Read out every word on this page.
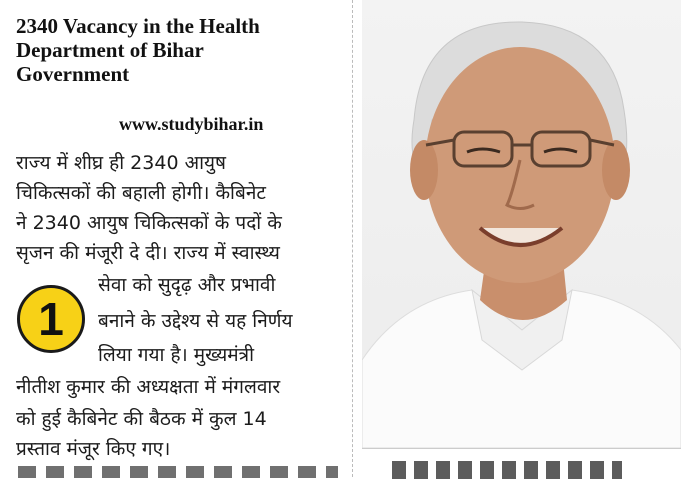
2340 Vacancy in the Health
Department of Bihar
Government
www.studybihar.in
1
राज्य में शीघ्र ही 2340 आयुष
चिकित्सकों की बहाली होगी। कैबिनेट
ने 2340 आयुष चिकित्सकों के पदों के
सृजन की मंजूरी दे दी। राज्य में स्वास्थ्य
सेवा को सुदृढ़ और प्रभावी
बनाने के उद्देश्य से यह निर्णय
लिया गया है। मुख्यमंत्री
नीतीश कुमार की अध्यक्षता में मंगलवार
को हुई कैबिनेट की बैठक में कुल 14
प्रस्ताव मंजूर किए गए।
